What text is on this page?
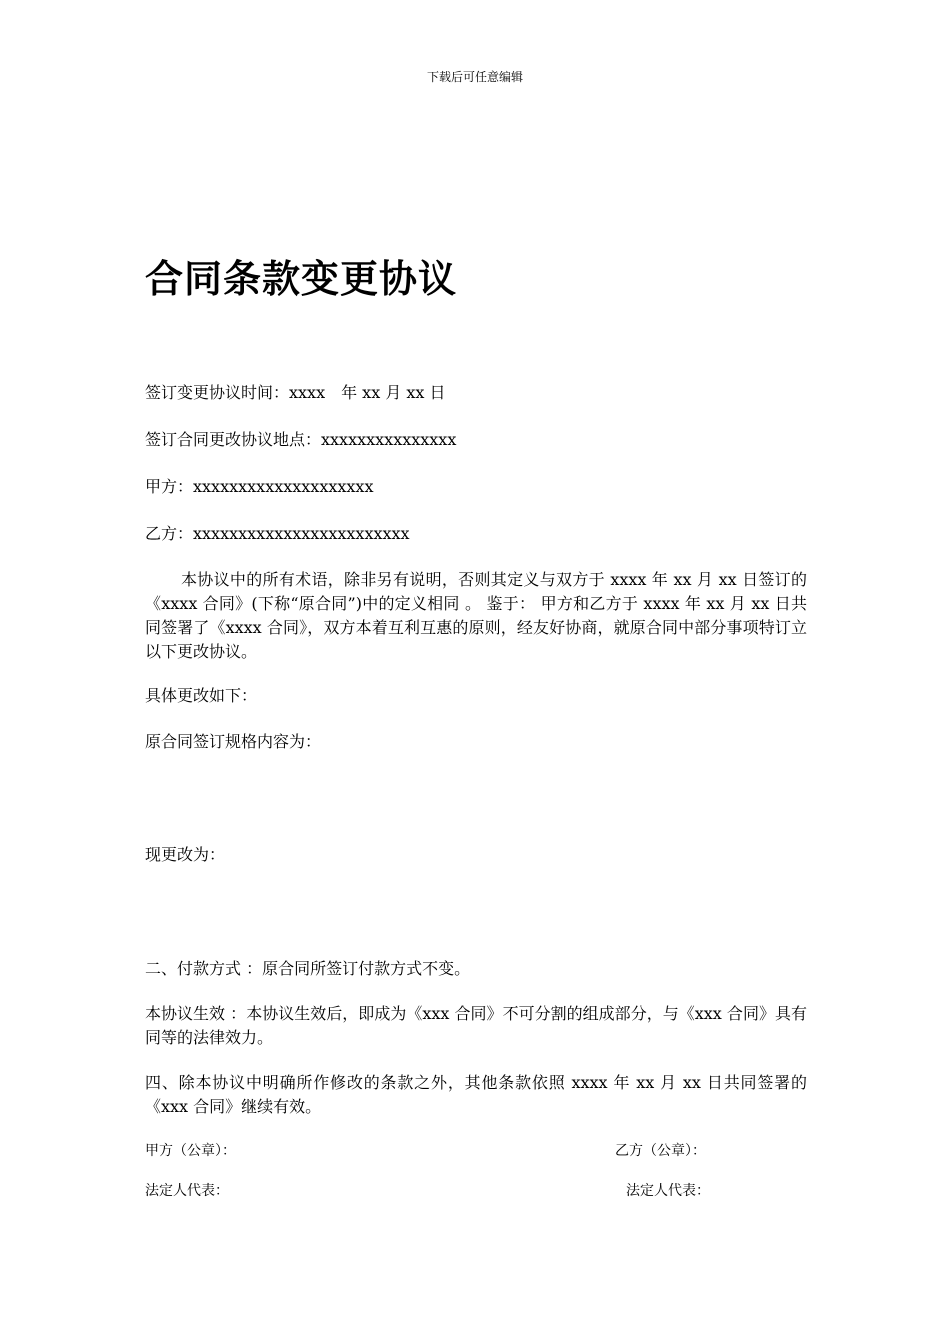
下载后可任意编辑
合同条款变更协议
签订变更协议时间：xxxx　年 xx 月 xx 日
签订合同更改协议地点：xxxxxxxxxxxxxxx
甲方：xxxxxxxxxxxxxxxxxxxx
乙方：xxxxxxxxxxxxxxxxxxxxxxxx
本协议中的所有术语，除非另有说明，否则其定义与双方于 xxxx 年 xx 月 xx 日签订的《xxxx 合同》(下称“原合同”)中的定义相同 。 鉴于： 甲方和乙方于 xxxx 年 xx 月 xx 日共同签署了《xxxx 合同》，双方本着互利互惠的原则，经友好协商，就原合同中部分事项特订立以下更改协议。
具体更改如下：
原合同签订规格内容为：
现更改为：
二、付款方式 ：原合同所签订付款方式不变。
本协议生效 ：本协议生效后，即成为《xxx 合同》不可分割的组成部分，与《xxx 合同》具有同等的法律效力。
四、除本协议中明确所作修改的条款之外，其他条款依照 xxxx 年 xx 月 xx 日共同签署的《xxx 合同》继续有效。
甲方（公章）：	乙方（公章）：
法定人代表：	法定人代表：
